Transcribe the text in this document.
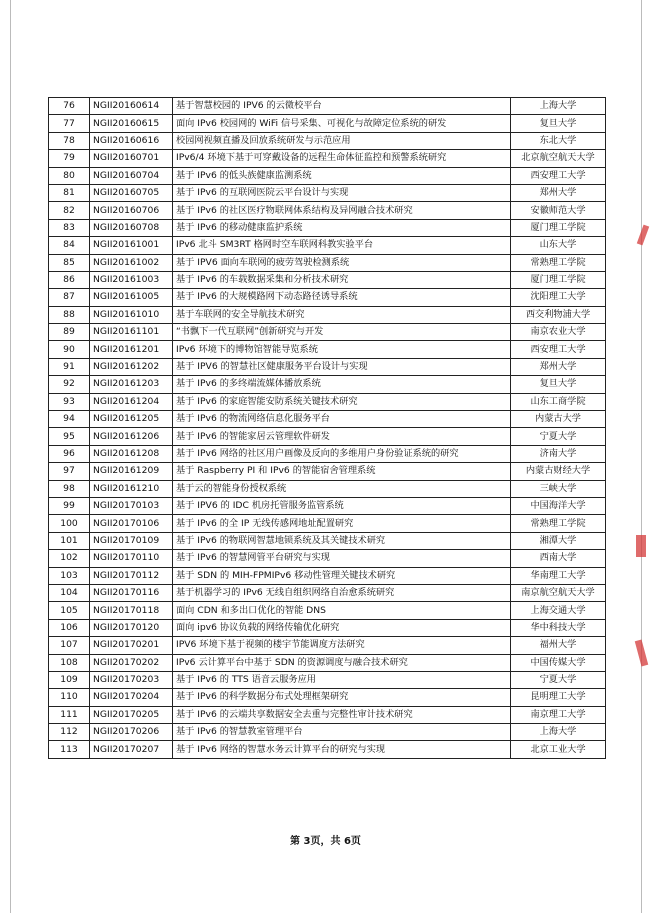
76	NGII20160614	基于智慧校园的 IPV6 的云微校平台	上海大学
77	NGII20160615	面向 IPv6 校园网的 WiFi 信号采集、可视化与故障定位系统的研发	复旦大学
78	NGII20160616	校园网视频直播及回放系统研发与示范应用	东北大学
79	NGII20160701	IPv6/4 环境下基于可穿戴设备的远程生命体征监控和预警系统研究	北京航空航天大学
80	NGII20160704	基于 IPv6 的低头族健康监测系统	西安理工大学
81	NGII20160705	基于 IPv6 的互联网医院云平台设计与实现	郑州大学
82	NGII20160706	基于 IPv6 的社区医疗物联网体系结构及异网融合技术研究	安徽师范大学
83	NGII20160708	基于 IPv6 的移动健康监护系统	厦门理工学院
84	NGII20161001	IPv6 北斗 SM3RT 格网时空车联网科教实验平台	山东大学
85	NGII20161002	基于 IPV6 面向车联网的疲劳驾驶检测系统	常熟理工学院
86	NGII20161003	基于 IPv6 的车载数据采集和分析技术研究	厦门理工学院
87	NGII20161005	基于 IPv6 的大规模路网下动态路径诱导系统	沈阳理工大学
88	NGII20161010	基于车联网的安全导航技术研究	西交利物浦大学
89	NGII20161101	“书飘下一代互联网”创新研究与开发	南京农业大学
90	NGII20161201	IPv6 环境下的博物馆智能导览系统	西安理工大学
91	NGII20161202	基于 IPV6 的智慧社区健康服务平台设计与实现	郑州大学
92	NGII20161203	基于 IPv6 的多终端流媒体播放系统	复旦大学
93	NGII20161204	基于 IPv6 的家庭智能安防系统关键技术研究	山东工商学院
94	NGII20161205	基于 IPv6 的物流网络信息化服务平台	内蒙古大学
95	NGII20161206	基于 IPv6 的智能家居云管理软件研发	宁夏大学
96	NGII20161208	基于 IPv6 网络的社区用户画像及反向的多维用户身份验证系统的研究	济南大学
97	NGII20161209	基于 Raspberry PI 和 IPv6 的智能宿舍管理系统	内蒙古财经大学
98	NGII20161210	基于云的智能身份授权系统	三峡大学
99	NGII20170103	基于 IPV6 的 IDC 机房托管服务监管系统	中国海洋大学
100	NGII20170106	基于 IPv6 的全 IP 无线传感网地址配置研究	常熟理工学院
101	NGII20170109	基于 IPv6 的物联网智慧地锁系统及其关键技术研究	湘潭大学
102	NGII20170110	基于 IPv6 的智慧网管平台研究与实现	西南大学
103	NGII20170112	基于 SDN 的 MIH-FPMIPv6 移动性管理关键技术研究	华南理工大学
104	NGII20170116	基于机器学习的 IPv6 无线自组织网络自治愈系统研究	南京航空航天大学
105	NGII20170118	面向 CDN 和多出口优化的智能 DNS	上海交通大学
106	NGII20170120	面向 ipv6 协议负载的网络传输优化研究	华中科技大学
107	NGII20170201	IPV6 环境下基于视频的楼宇节能调度方法研究	福州大学
108	NGII20170202	IPv6 云计算平台中基于 SDN 的资源调度与融合技术研究	中国传媒大学
109	NGII20170203	基于 IPv6 的 TTS 语音云服务应用	宁夏大学
110	NGII20170204	基于 IPv6 的科学数据分布式处理框架研究	昆明理工大学
111	NGII20170205	基于 IPv6 的云端共享数据安全去重与完整性审计技术研究	南京理工大学
112	NGII20170206	基于 IPv6 的智慧教室管理平台	上海大学
113	NGII20170207	基于 IPv6 网络的智慧水务云计算平台的研究与实现	北京工业大学
第 3页，共 6页
